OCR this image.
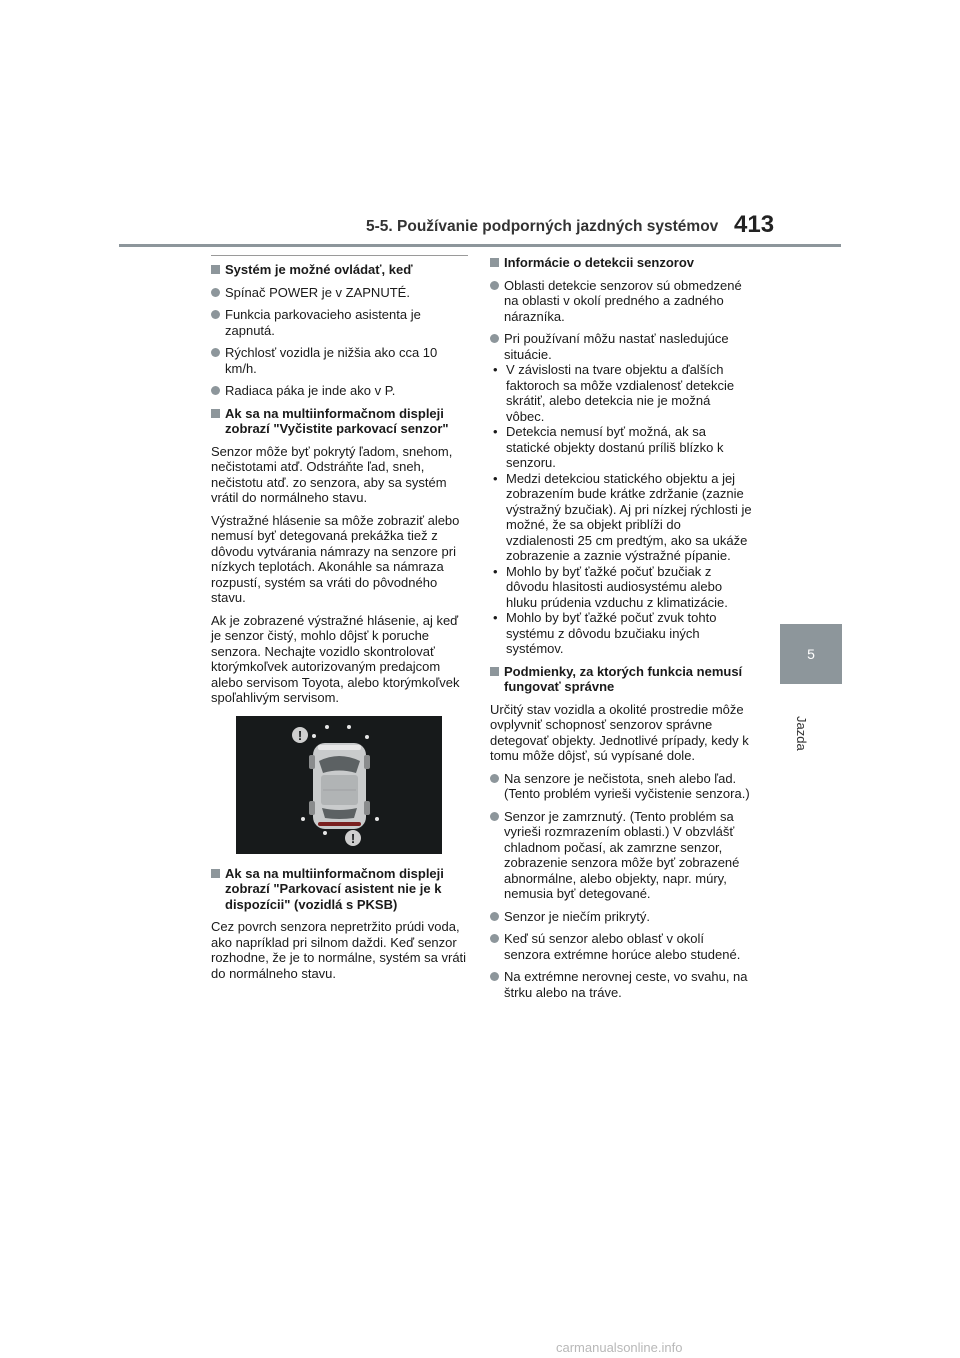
5-5. Používanie podporných jazdných systémov 413
5
Jazda
Systém je možné ovládať, keď
Spínač POWER je v ZAPNUTÉ.
Funkcia parkovacieho asistenta je zapnutá.
Rýchlosť vozidla je nižšia ako cca 10 km/h.
Radiaca páka je inde ako v P.
Ak sa na multiinformačnom displeji zobrazí "Vyčistite parkovací senzor"
Senzor môže byť pokrytý ľadom, snehom, nečistotami atď. Odstráňte ľad, sneh, nečistotu atď. zo senzora, aby sa systém vrátil do normálneho stavu.
Výstražné hlásenie sa môže zobraziť alebo nemusí byť detegovaná prekážka tiež z dôvodu vytvárania námrazy na senzore pri nízkych teplotách. Akonáhle sa námraza rozpustí, systém sa vráti do pôvodného stavu.
Ak je zobrazené výstražné hlásenie, aj keď je senzor čistý, mohlo dôjsť k poruche senzora. Nechajte vozidlo skontrolovať ktorýmkoľvek autorizovaným predajcom alebo servisom Toyota, alebo ktorýmkoľvek spoľahlivým servisom.
!
!
Ak sa na multiinformačnom displeji zobrazí "Parkovací asistent nie je k dispozícii" (vozidlá s PKSB)
Cez povrch senzora nepretržito prúdi voda, ako napríklad pri silnom daždi. Keď senzor rozhodne, že je to normálne, systém sa vráti do normálneho stavu.
Informácie o detekcii senzorov
Oblasti detekcie senzorov sú obmedzené na oblasti v okolí predného a zadného nárazníka.
Pri používaní môžu nastať nasledujúce situácie.
• V závislosti na tvare objektu a ďalších faktoroch sa môže vzdialenosť detekcie skrátiť, alebo detekcia nie je možná vôbec.
• Detekcia nemusí byť možná, ak sa statické objekty dostanú príliš blízko k senzoru.
• Medzi detekciou statického objektu a jej zobrazením bude krátke zdržanie (zaznie výstražný bzučiak). Aj pri nízkej rýchlosti je možné, že sa objekt priblíži do vzdialenosti 25 cm predtým, ako sa ukáže zobrazenie a zaznie výstražné pípanie.
• Mohlo by byť ťažké počuť bzučiak z dôvodu hlasitosti audiosystému alebo hluku prúdenia vzduchu z klimatizácie.
• Mohlo by byť ťažké počuť zvuk tohto systému z dôvodu bzučiaku iných systémov.
Podmienky, za ktorých funkcia nemusí fungovať správne
Určitý stav vozidla a okolité prostredie môže ovplyvniť schopnosť senzorov správne detegovať objekty. Jednotlivé prípady, kedy k tomu môže dôjsť, sú vypísané dole.
Na senzore je nečistota, sneh alebo ľad. (Tento problém vyrieši vyčistenie senzora.)
Senzor je zamrznutý. (Tento problém sa vyrieši rozmrazením oblasti.) V obzvlášť chladnom počasí, ak zamrzne senzor, zobrazenie senzora môže byť zobrazené abnormálne, alebo objekty, napr. múry, nemusia byť detegované.
Senzor je niečím prikrytý.
Keď sú senzor alebo oblasť v okolí senzora extrémne horúce alebo studené.
Na extrémne nerovnej ceste, vo svahu, na štrku alebo na tráve.
carmanualsonline.info
